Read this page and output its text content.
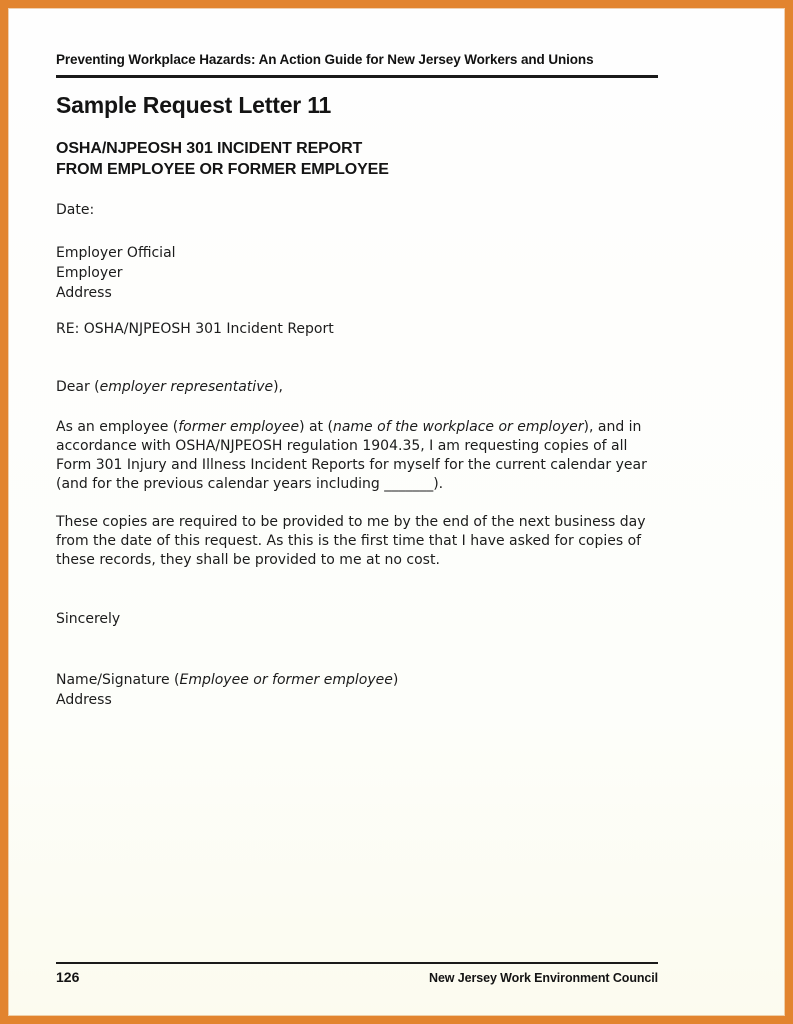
Preventing Workplace Hazards: An Action Guide for New Jersey Workers and Unions
Sample Request Letter 11
OSHA/NJPEOSH 301 INCIDENT REPORT
FROM EMPLOYEE OR FORMER EMPLOYEE
Date:
Employer Official
Employer
Address
RE: OSHA/NJPEOSH 301 Incident Report
Dear (employer representative),
As an employee (former employee) at (name of the workplace or employer), and in accordance with OSHA/NJPEOSH regulation 1904.35, I am requesting copies of all Form 301 Injury and Illness Incident Reports for myself for the current calendar year (and for the previous calendar years including _______).
These copies are required to be provided to me by the end of the next business day from the date of this request. As this is the first time that I have asked for copies of these records, they shall be provided to me at no cost.
Sincerely
Name/Signature (Employee or former employee)
Address
126	New Jersey Work Environment Council
